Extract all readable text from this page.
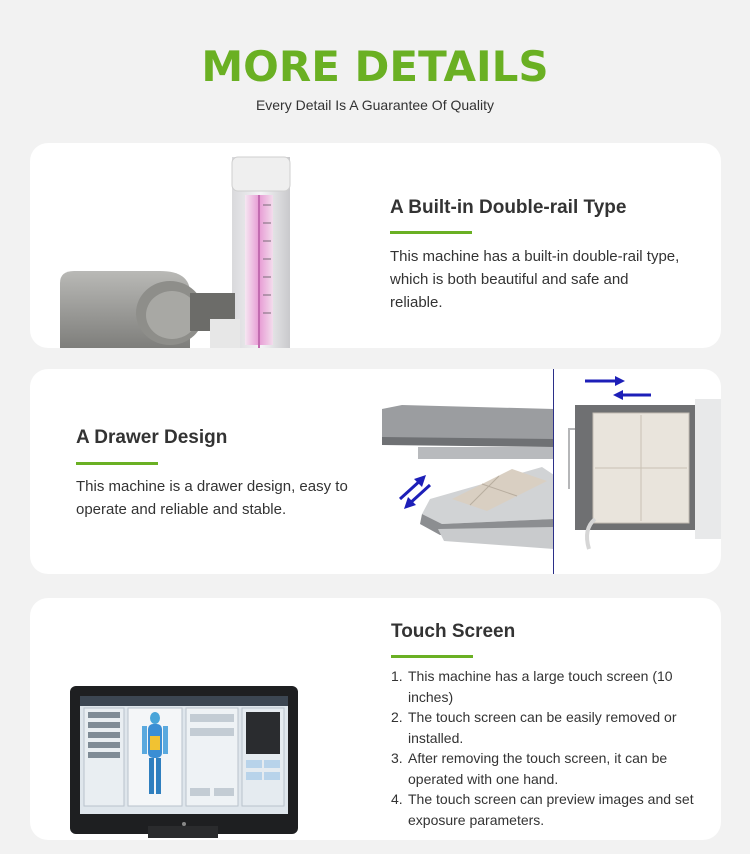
MORE DETAILS
Every Detail Is A Guarantee Of Quality
A Built-in Double-rail Type
This machine has a built-in double-rail type, which is both beautiful and safe and reliable.
A Drawer Design
This machine is a drawer design, easy to operate and reliable and stable.
Touch Screen
1. This machine has a large touch screen (10 inches)
2. The touch screen can be easily removed or installed.
3. After removing the touch screen, it can be operated with one hand.
4. The touch screen can preview images and set exposure parameters.
